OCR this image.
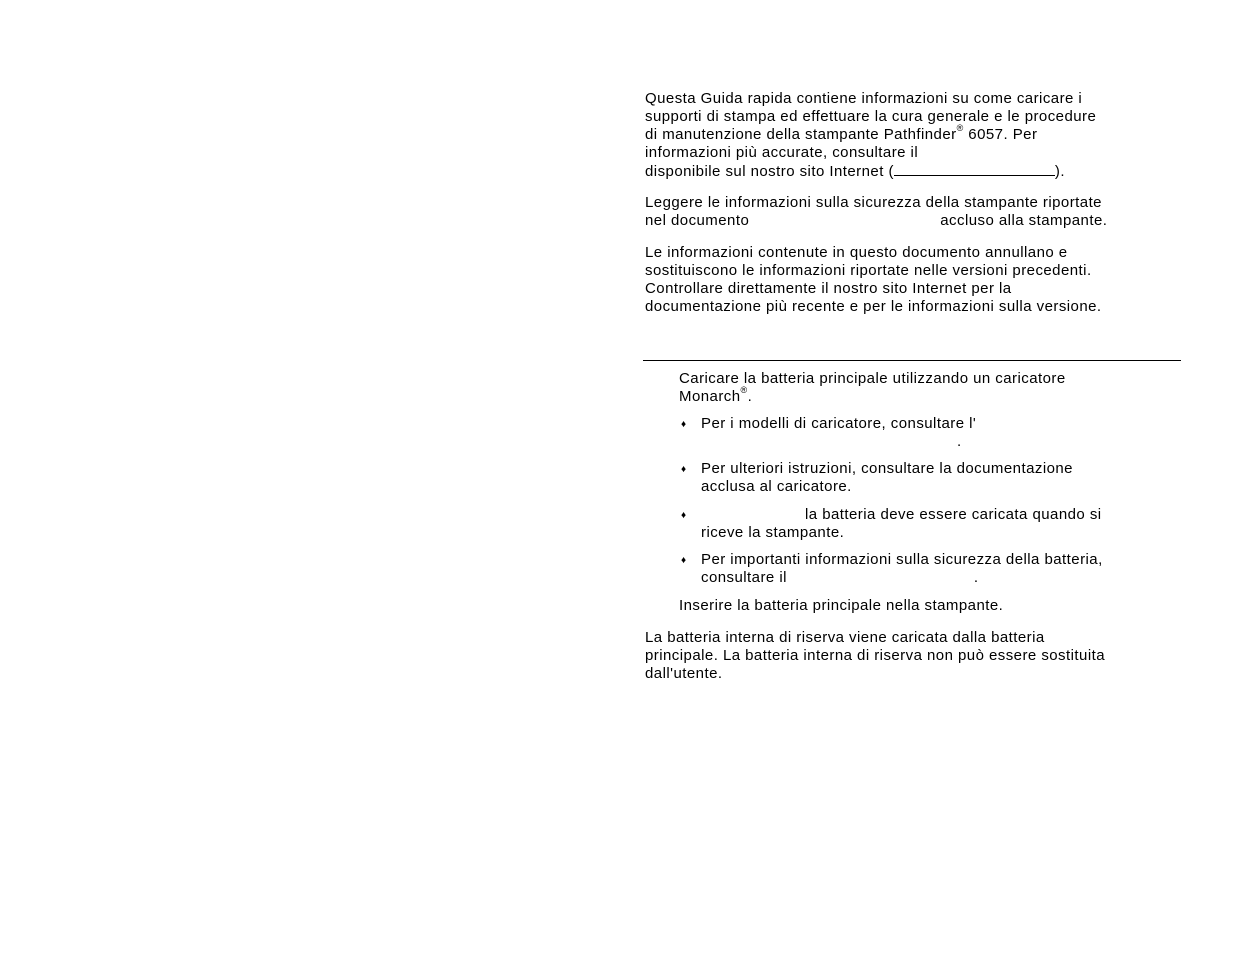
Questa Guida rapida contiene informazioni su come caricare i
supporti di stampa ed effettuare la cura generale e le procedure
di manutenzione della stampante Pathfinder® 6057. Per
informazioni più accurate, consultare il
disponibile sul nostro sito Internet (	).

Leggere le informazioni sulla sicurezza della stampante riportate
nel documento	accluso alla stampante.

Le informazioni contenute in questo documento annullano e
sostituiscono le informazioni riportate nelle versioni precedenti.
Controllare direttamente il nostro sito Internet per la
documentazione più recente e per le informazioni sulla versione.

Caricare la batteria principale utilizzando un caricatore
Monarch®.
♦ Per i modelli di caricatore, consultare l'
.
♦ Per ulteriori istruzioni, consultare la documentazione
acclusa al caricatore.
♦	la batteria deve essere caricata quando si
riceve la stampante.
♦ Per importanti informazioni sulla sicurezza della batteria,
consultare il	.
Inserire la batteria principale nella stampante.
La batteria interna di riserva viene caricata dalla batteria
principale. La batteria interna di riserva non può essere sostituita
dall'utente.
